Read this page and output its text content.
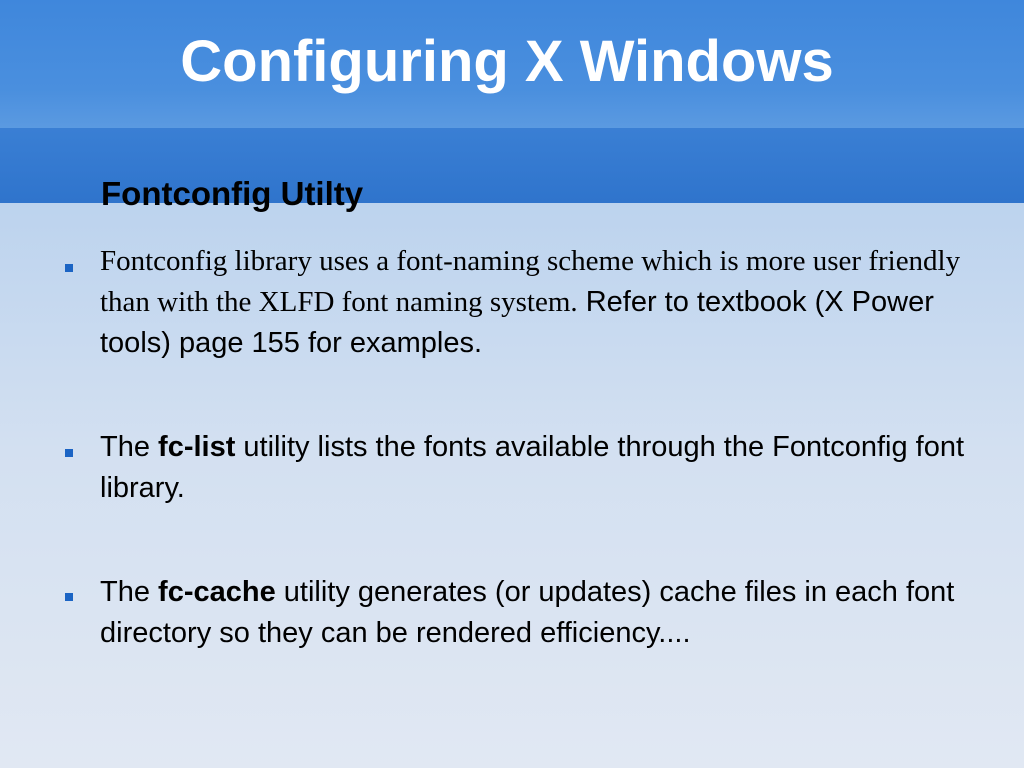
Configuring X Windows
Fontconfig Utilty
Fontconfig library uses a font-naming scheme which is more user friendly than with the XLFD font naming system. Refer to textbook (X Power tools) page 155 for examples.
The fc-list utility lists the fonts available through the Fontconfig font library.
The fc-cache utility generates (or updates) cache files in each font directory so they can be rendered efficiency....
